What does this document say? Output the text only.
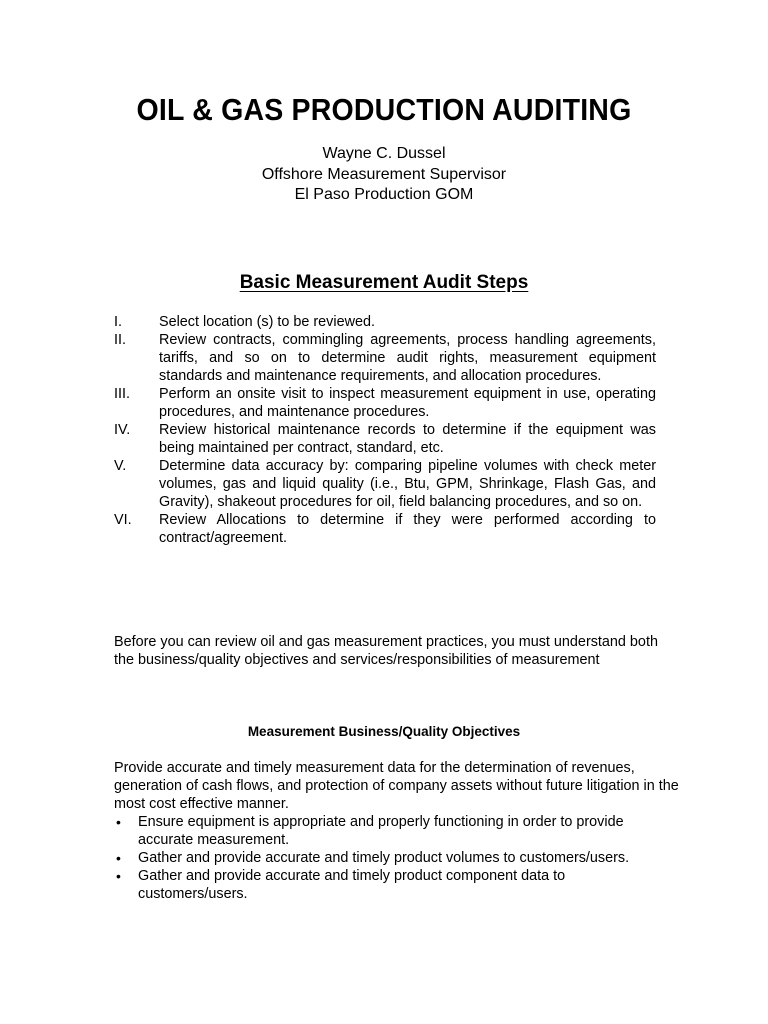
OIL & GAS PRODUCTION AUDITING
Wayne C. Dussel
Offshore Measurement Supervisor
El Paso Production GOM
Basic Measurement Audit Steps
I.	Select location (s) to be reviewed.
II.	Review contracts, commingling agreements, process handling agreements, tariffs, and so on to determine audit rights, measurement equipment standards and maintenance requirements, and allocation procedures.
III.	Perform an onsite visit to inspect measurement equipment in use, operating procedures, and maintenance procedures.
IV.	Review historical maintenance records to determine if the equipment was being maintained per contract, standard, etc.
V.	Determine data accuracy by: comparing pipeline volumes with check meter volumes, gas and liquid quality (i.e., Btu, GPM, Shrinkage, Flash Gas, and Gravity), shakeout procedures for oil, field balancing procedures, and so on.
VI.	Review Allocations to determine if they were performed according to contract/agreement.
Before you can review oil and gas measurement practices, you must understand both the business/quality objectives and services/responsibilities of measurement
Measurement Business/Quality Objectives
Provide accurate and timely measurement data for the determination of revenues, generation of cash flows, and protection of company assets without future litigation in the most cost effective manner.
•	Ensure equipment is appropriate and properly functioning in order to provide accurate measurement.
•	Gather and provide accurate and timely product volumes to customers/users.
•	Gather and provide accurate and timely product component data to customers/users.
